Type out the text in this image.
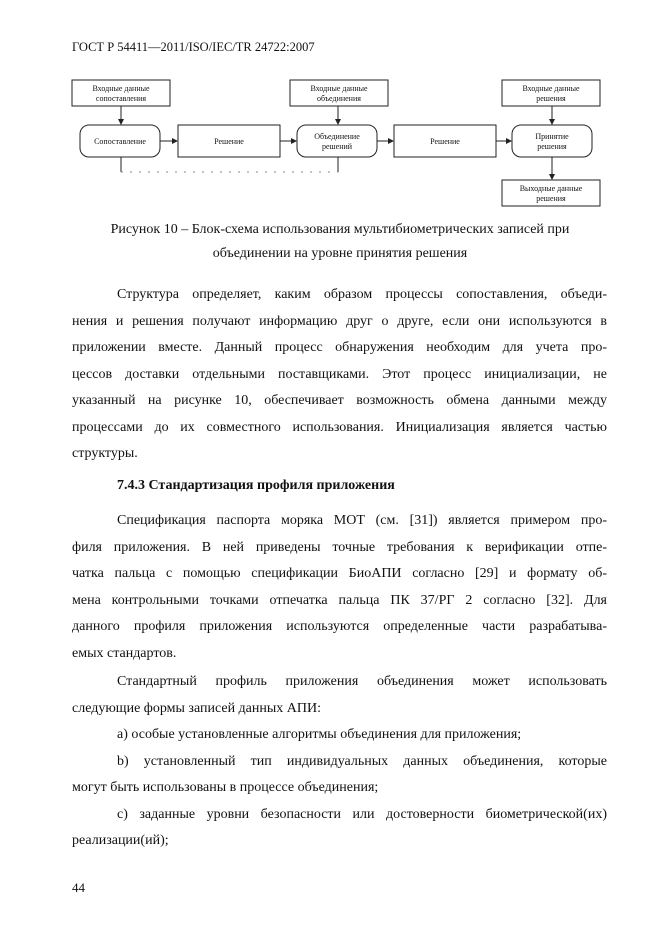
ГОСТ Р 54411—2011/ISO/IEC/TR 24722:2007
Входные данные
сопоставления
Входные данные
объединения
Входные данные
решения
Сопоставление	Решение
Объединение
решений
Решение
Принятие
решения
Выходные данные
решения
Рисунок 10 – Блок-схема использования мультибиометрических записей при
объединении на уровне принятия решения
Структура определяет, каким образом процессы сопоставления, объеди-
нения и решения получают информацию друг о друге, если они используются в
приложении вместе. Данный процесс обнаружения необходим для учета про-
цессов доставки отдельными поставщиками. Этот процесс инициализации, не
указанный на рисунке 10, обеспечивает возможность обмена данными между
процессами до их совместного использования. Инициализация является частью
структуры.
7.4.3 Стандартизация профиля приложения
Спецификация паспорта моряка МОТ (см. [31]) является примером про-
филя приложения. В ней приведены точные требования к верификации отпе-
чатка пальца с помощью спецификации БиоАПИ согласно [29] и формату об-
мена контрольными точками отпечатка пальца ПК 37/РГ 2 согласно [32]. Для
данного профиля приложения используются определенные части разрабатыва-
емых стандартов.
Стандартный профиль приложения объединения может использовать
следующие формы записей данных АПИ:
a) особые установленные алгоритмы объединения для приложения;
b) установленный тип индивидуальных данных объединения, которые
могут быть использованы в процессе объединения;
c) заданные уровни безопасности или достоверности биометрической(их)
реализации(ий);
44
